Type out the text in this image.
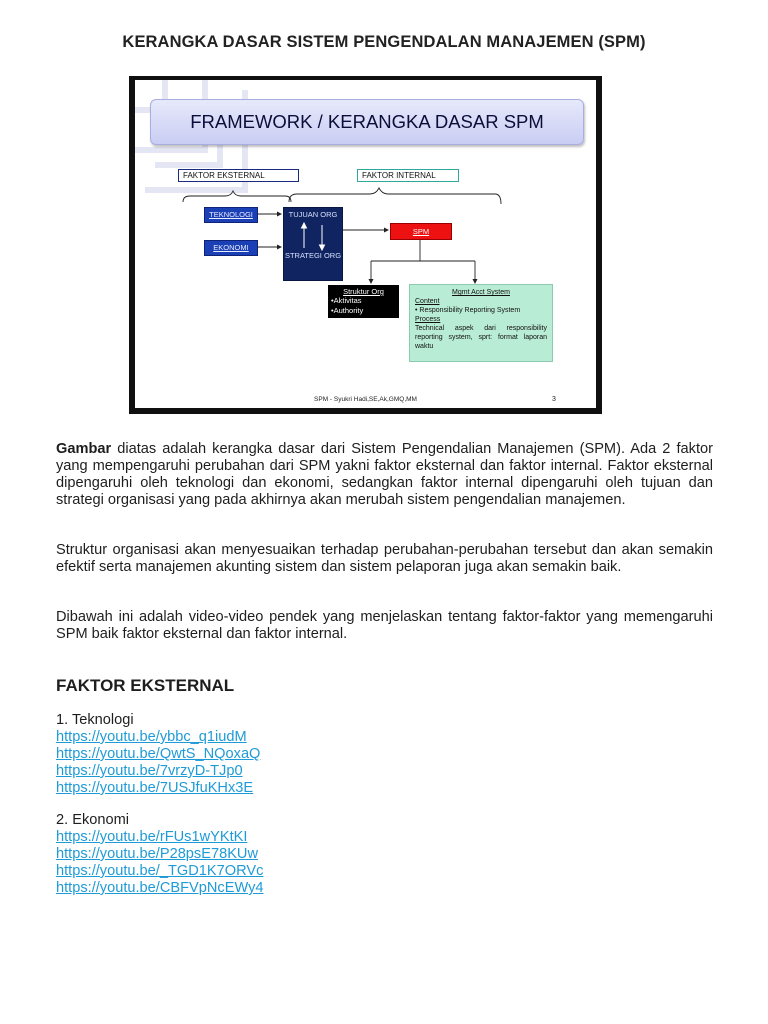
KERANGKA DASAR SISTEM PENGENDALAN MANAJEMEN (SPM)
FRAMEWORK / KERANGKA DASAR SPM
FAKTOR EKSTERNAL	FAKTOR INTERNAL
TEKNOLOGI
EKONOMI
TUJUAN ORG
STRATEGI ORG
SPM
Struktur Org
•Aktivitas
•Authority
Mgmt Acct System
Content
• Responsibility Reporting System
Process
Technical aspek dari responsibility reporting system, sprt: format laporan waktu
SPM - Syukri Hadi,SE,Ak,GMQ,MM	3
Gambar diatas adalah kerangka dasar dari Sistem Pengendalian Manajemen (SPM). Ada 2 faktor yang mempengaruhi perubahan dari SPM yakni faktor eksternal dan faktor internal. Faktor eksternal dipengaruhi oleh teknologi dan ekonomi, sedangkan faktor internal dipengaruhi oleh tujuan dan strategi organisasi yang pada akhirnya akan merubah sistem pengendalian manajemen.
Struktur organisasi akan menyesuaikan terhadap perubahan-perubahan tersebut dan akan semakin efektif serta manajemen akunting sistem dan sistem pelaporan juga akan semakin baik.
Dibawah ini adalah video-video pendek yang menjelaskan tentang faktor-faktor yang memengaruhi SPM baik faktor eksternal dan faktor internal.
FAKTOR EKSTERNAL
1. Teknologi
https://youtu.be/ybbc_q1iudM
https://youtu.be/QwtS_NQoxaQ
https://youtu.be/7vrzyD-TJp0
https://youtu.be/7USJfuKHx3E
2. Ekonomi
https://youtu.be/rFUs1wYKtKI
https://youtu.be/P28psE78KUw
https://youtu.be/_TGD1K7ORVc
https://youtu.be/CBFVpNcEWy4
